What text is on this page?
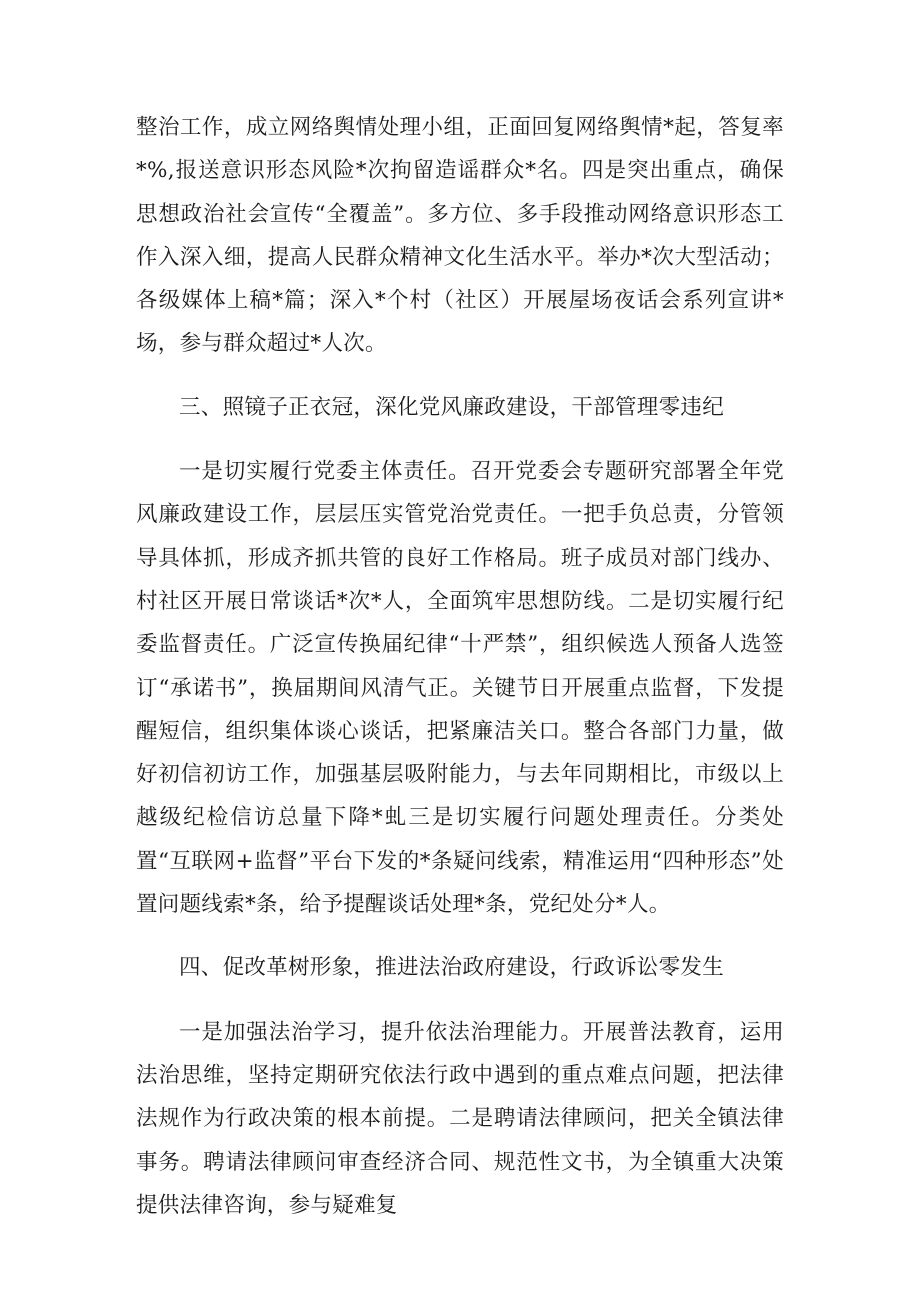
整治工作，成立网络舆情处理小组，正面回复网络舆情*起，答复率*%,报送意识形态风险*次拘留造谣群众*名。四是突出重点，确保思想政治社会宣传“全覆盖”。多方位、多手段推动网络意识形态工作入深入细，提高人民群众精神文化生活水平。举办*次大型活动；各级媒体上稿*篇；深入*个村（社区）开展屋场夜话会系列宣讲*场，参与群众超过*人次。

三、照镜子正衣冠，深化党风廉政建设，干部管理零违纪

一是切实履行党委主体责任。召开党委会专题研究部署全年党风廉政建设工作，层层压实管党治党责任。一把手负总责，分管领导具体抓，形成齐抓共管的良好工作格局。班子成员对部门线办、村社区开展日常谈话*次*人，全面筑牢思想防线。二是切实履行纪委监督责任。广泛宣传换届纪律“十严禁”，组织候选人预备人选签订“承诺书”，换届期间风清气正。关键节日开展重点监督，下发提醒短信，组织集体谈心谈话，把紧廉洁关口。整合各部门力量，做好初信初访工作，加强基层吸附能力，与去年同期相比，市级以上越级纪检信访总量下降*虬三是切实履行问题处理责任。分类处置“互联网+监督”平台下发的*条疑问线索，精准运用“四种形态”处置问题线索*条，给予提醒谈话处理*条，党纪处分*人。

四、促改革树形象，推进法治政府建设，行政诉讼零发生

一是加强法治学习，提升依法治理能力。开展普法教育，运用法治思维，坚持定期研究依法行政中遇到的重点难点问题，把法律法规作为行政决策的根本前提。二是聘请法律顾问，把关全镇法律事务。聘请法律顾问审查经济合同、规范性文书，为全镇重大决策提供法律咨询，参与疑难复
